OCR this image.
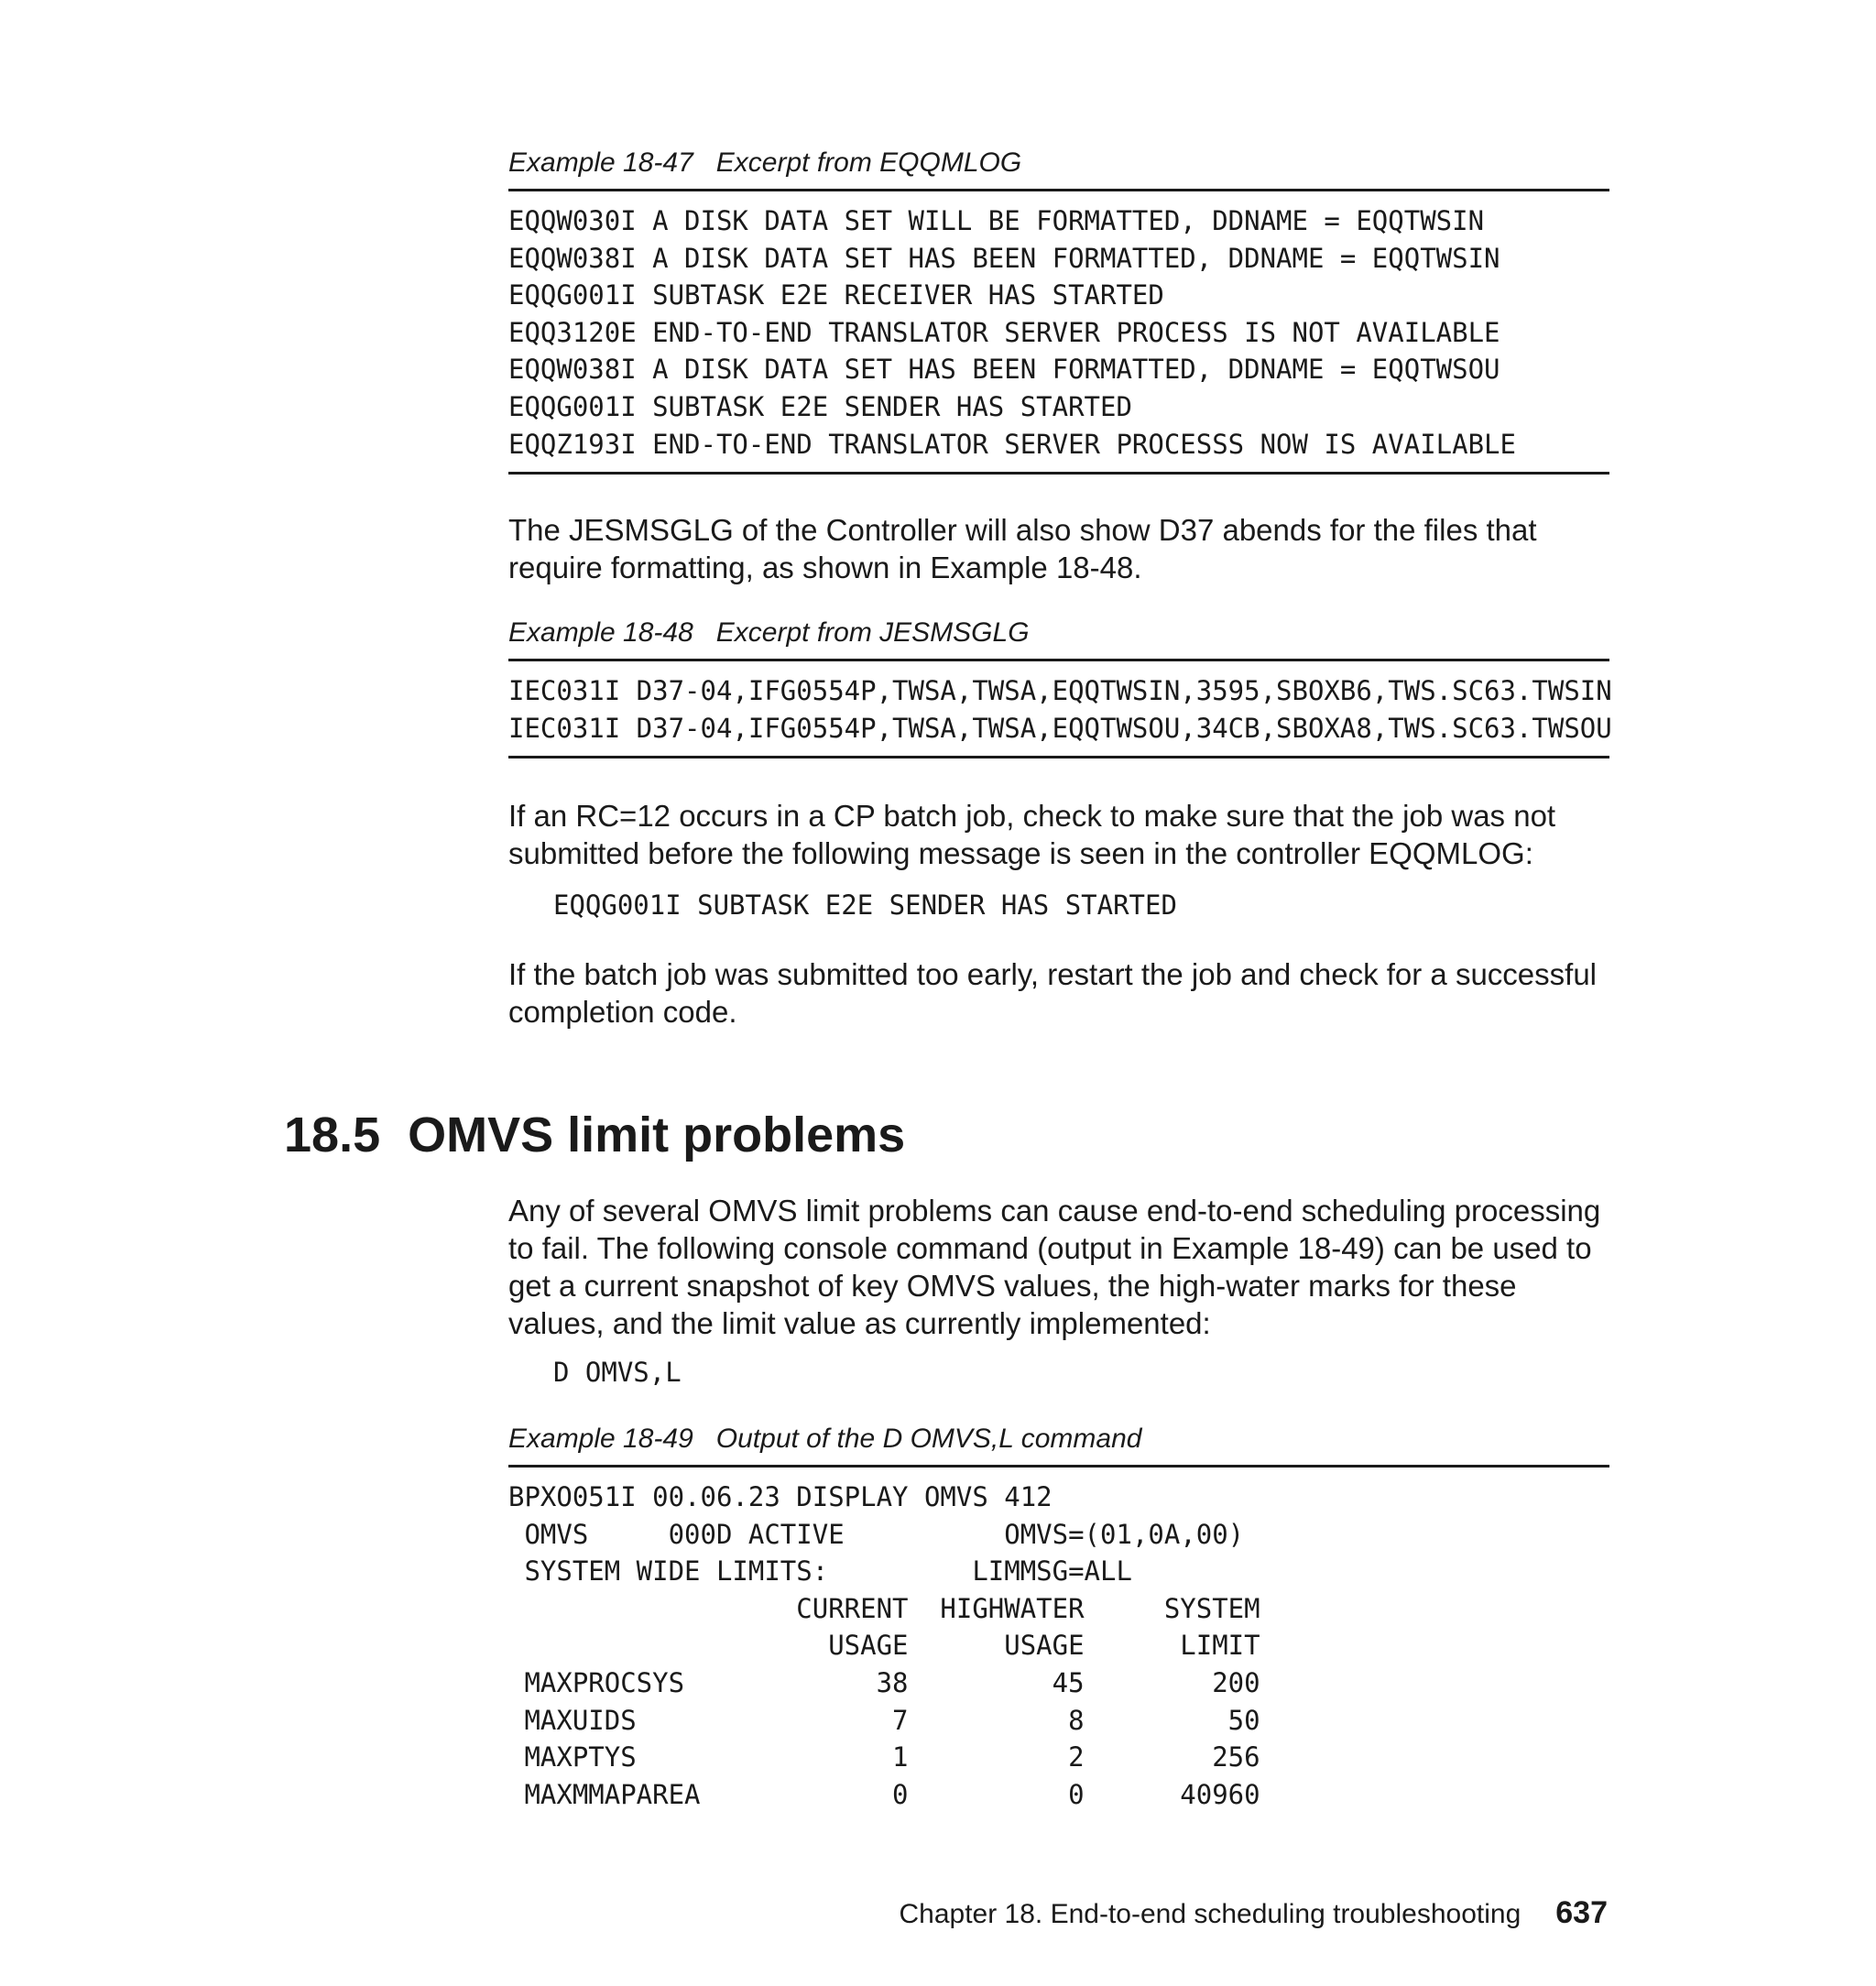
Example 18-47   Excerpt from EQQMLOG

EQQW030I A DISK DATA SET WILL BE FORMATTED, DDNAME = EQQTWSIN
EQQW038I A DISK DATA SET HAS BEEN FORMATTED, DDNAME = EQQTWSIN
EQQG001I SUBTASK E2E RECEIVER HAS STARTED
EQQ3120E END-TO-END TRANSLATOR SERVER PROCESS IS NOT AVAILABLE
EQQW038I A DISK DATA SET HAS BEEN FORMATTED, DDNAME = EQQTWSOU
EQQG001I SUBTASK E2E SENDER HAS STARTED
EQQZ193I END-TO-END TRANSLATOR SERVER PROCESSS NOW IS AVAILABLE

The JESMSGLG of the Controller will also show D37 abends for the files that require formatting, as shown in Example 18-48.

Example 18-48   Excerpt from JESMSGLG

IEC031I D37-04,IFG0554P,TWSA,TWSA,EQQTWSIN,3595,SBOXB6,TWS.SC63.TWSIN
IEC031I D37-04,IFG0554P,TWSA,TWSA,EQQTWSOU,34CB,SBOXA8,TWS.SC63.TWSOU

If an RC=12 occurs in a CP batch job, check to make sure that the job was not submitted before the following message is seen in the controller EQQMLOG:

EQQG001I SUBTASK E2E SENDER HAS STARTED

If the batch job was submitted too early, restart the job and check for a successful completion code.

18.5  OMVS limit problems

Any of several OMVS limit problems can cause end-to-end scheduling processing to fail. The following console command (output in Example 18-49) can be used to get a current snapshot of key OMVS values, the high-water marks for these values, and the limit value as currently implemented:

D OMVS,L

Example 18-49   Output of the D OMVS,L command

BPXO051I 00.06.23 DISPLAY OMVS 412
OMVS     000D ACTIVE          OMVS=(01,0A,00)
SYSTEM WIDE LIMITS:         LIMMSG=ALL
CURRENT  HIGHWATER     SYSTEM
USAGE      USAGE      LIMIT
MAXPROCSYS            38         45        200
MAXUIDS                7          8         50
MAXPTYS                1          2        256
MAXMMAPAREA            0          0      40960
Chapter 18. End-to-end scheduling troubleshooting 637
